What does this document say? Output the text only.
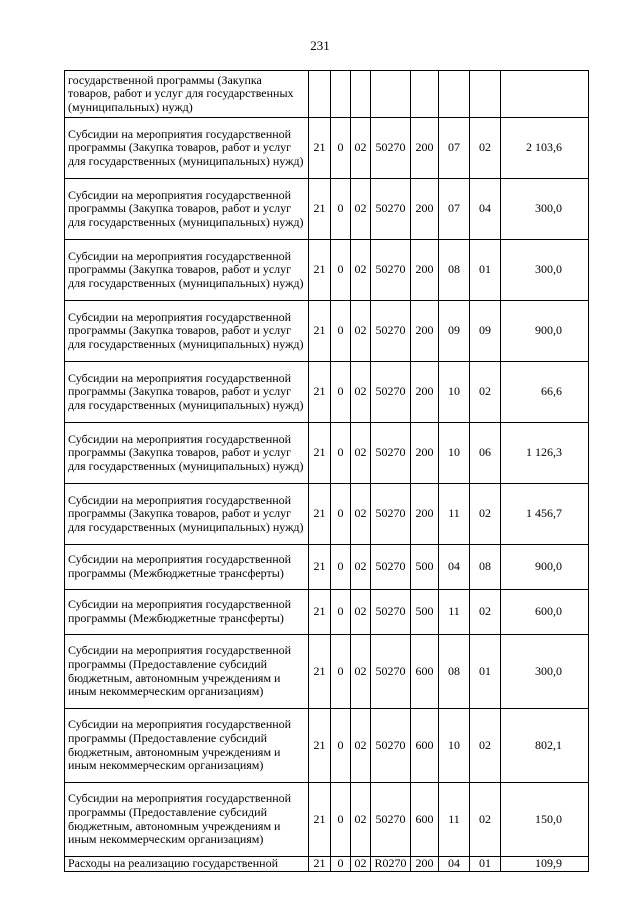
231
государственной программы (Закупка товаров, работ и услуг для государственных (муниципальных) нужд)								
Субсидии на мероприятия государственной программы (Закупка товаров, работ и услуг для государственных (муниципальных) нужд)	21	0	02	50270	200	07	02	2 103,6
Субсидии на мероприятия государственной программы (Закупка товаров, работ и услуг для государственных (муниципальных) нужд)	21	0	02	50270	200	07	04	300,0
Субсидии на мероприятия государственной программы (Закупка товаров, работ и услуг для государственных (муниципальных) нужд)	21	0	02	50270	200	08	01	300,0
Субсидии на мероприятия государственной программы (Закупка товаров, работ и услуг для государственных (муниципальных) нужд)	21	0	02	50270	200	09	09	900,0
Субсидии на мероприятия государственной программы (Закупка товаров, работ и услуг для государственных (муниципальных) нужд)	21	0	02	50270	200	10	02	66,6
Субсидии на мероприятия государственной программы (Закупка товаров, работ и услуг для государственных (муниципальных) нужд)	21	0	02	50270	200	10	06	1 126,3
Субсидии на мероприятия государственной программы (Закупка товаров, работ и услуг для государственных (муниципальных) нужд)	21	0	02	50270	200	11	02	1 456,7
Субсидии на мероприятия государственной программы (Межбюджетные трансферты)	21	0	02	50270	500	04	08	900,0
Субсидии на мероприятия государственной программы (Межбюджетные трансферты)	21	0	02	50270	500	11	02	600,0
Субсидии на мероприятия государственной программы (Предоставление субсидий бюджетным, автономным учреждениям и иным некоммерческим организациям)	21	0	02	50270	600	08	01	300,0
Субсидии на мероприятия государственной программы (Предоставление субсидий бюджетным, автономным учреждениям и иным некоммерческим организациям)	21	0	02	50270	600	10	02	802,1
Субсидии на мероприятия государственной программы (Предоставление субсидий бюджетным, автономным учреждениям и иным некоммерческим организациям)	21	0	02	50270	600	11	02	150,0
Расходы на реализацию государственной	21	0	02	R0270	200	04	01	109,9
